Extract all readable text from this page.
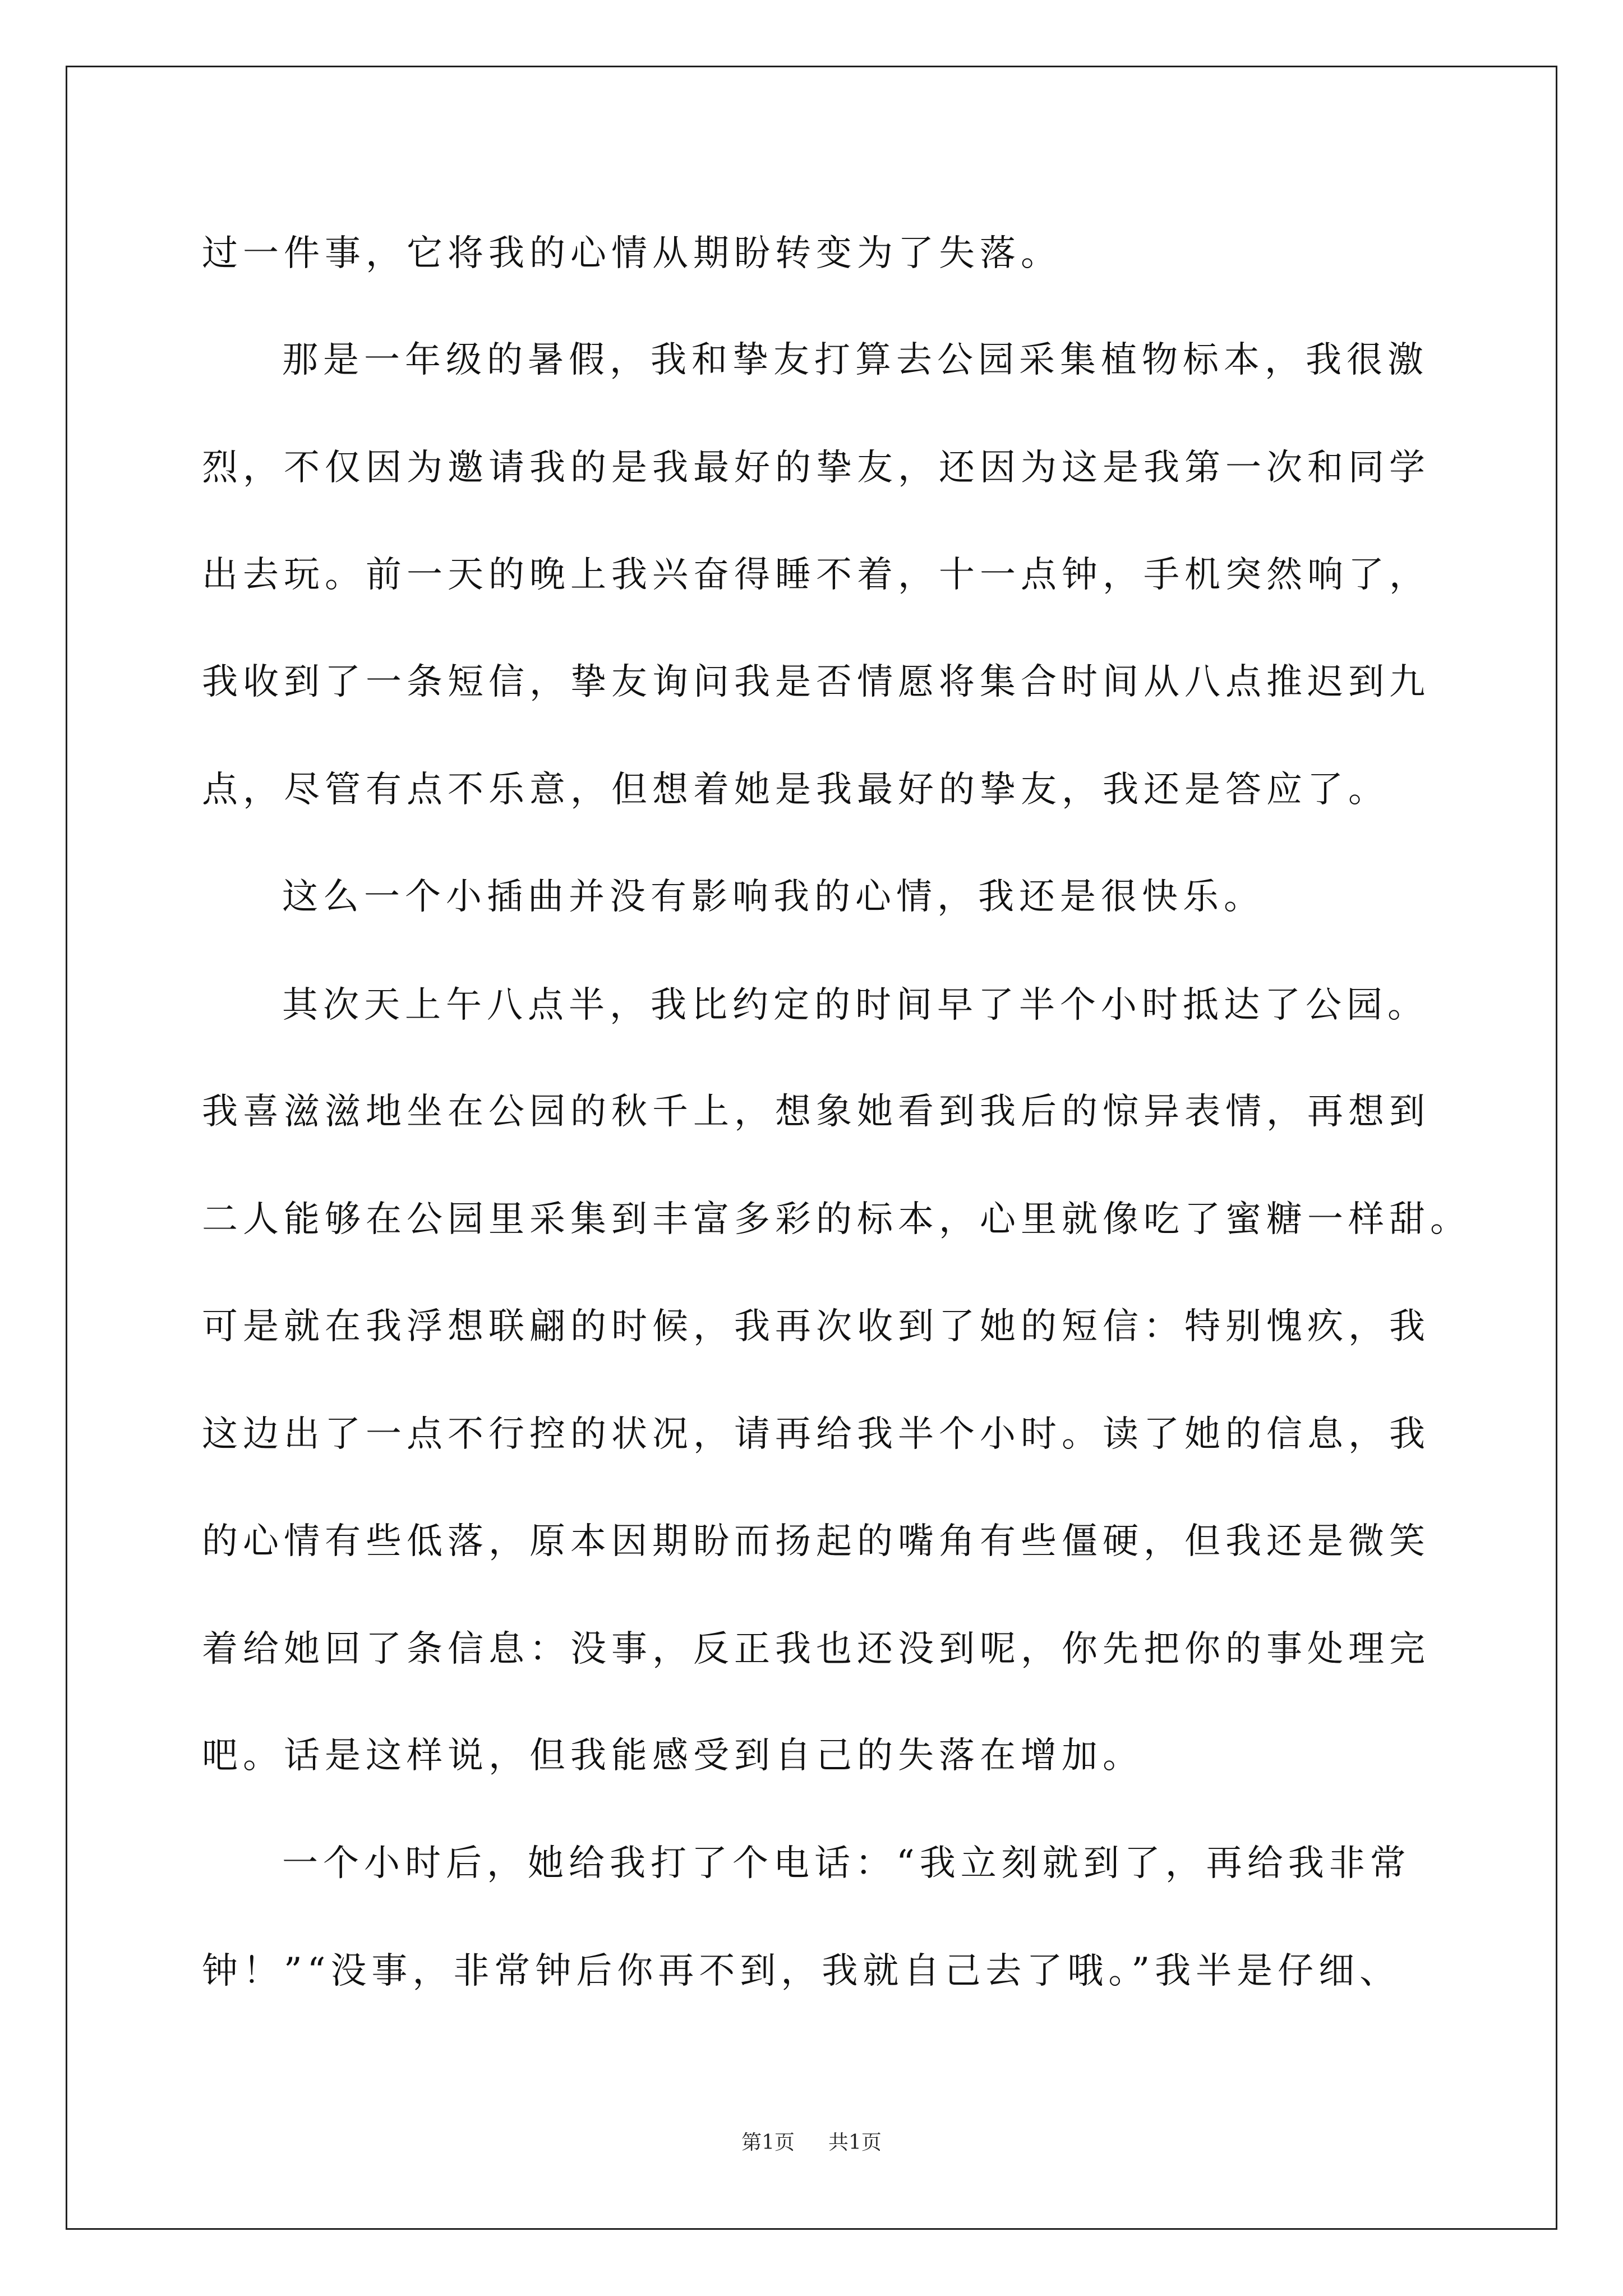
过一件事，它将我的心情从期盼转变为了失落。
那是一年级的暑假，我和挚友打算去公园采集植物标本，我很激
烈，不仅因为邀请我的是我最好的挚友，还因为这是我第一次和同学
出去玩。前一天的晚上我兴奋得睡不着，十一点钟，手机突然响了，
我收到了一条短信，挚友询问我是否情愿将集合时间从八点推迟到九
点，尽管有点不乐意，但想着她是我最好的挚友，我还是答应了。
这么一个小插曲并没有影响我的心情，我还是很快乐。
其次天上午八点半，我比约定的时间早了半个小时抵达了公园。
我喜滋滋地坐在公园的秋千上，想象她看到我后的惊异表情，再想到
二人能够在公园里采集到丰富多彩的标本，心里就像吃了蜜糖一样甜。
可是就在我浮想联翩的时候，我再次收到了她的短信：特别愧疚，我
这边出了一点不行控的状况，请再给我半个小时。读了她的信息，我
的心情有些低落，原本因期盼而扬起的嘴角有些僵硬，但我还是微笑
着给她回了条信息：没事，反正我也还没到呢，你先把你的事处理完
吧。话是这样说，但我能感受到自己的失落在增加。
一个小时后，她给我打了个电话：“我立刻就到了，再给我非常
钟！”“没事，非常钟后你再不到，我就自己去了哦。”我半是仔细、
第1页 共1页
